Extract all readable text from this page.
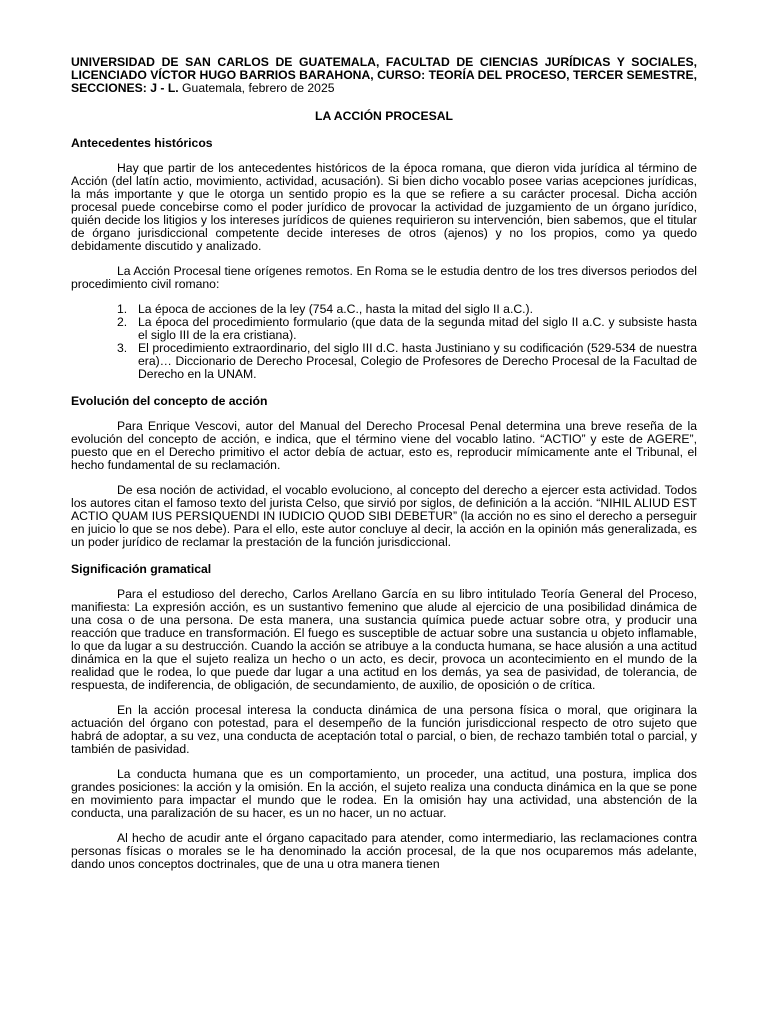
UNIVERSIDAD DE SAN CARLOS DE GUATEMALA, FACULTAD DE CIENCIAS JURÍDICAS Y SOCIALES, LICENCIADO VÍCTOR HUGO BARRIOS BARAHONA, CURSO: TEORÍA DEL PROCESO, TERCER SEMESTRE, SECCIONES: J - L. Guatemala, febrero de 2025
LA ACCIÓN PROCESAL
Antecedentes históricos

Hay que partir de los antecedentes históricos de la época romana, que dieron vida jurídica al término de Acción (del latín actio, movimiento, actividad, acusación). Si bien dicho vocablo posee varias acepciones jurídicas, la más importante y que le otorga un sentido propio es la que se refiere a su carácter procesal. Dicha acción procesal puede concebirse como el poder jurídico de provocar la actividad de juzgamiento de un órgano jurídico, quién decide los litigios y los intereses jurídicos de quienes requirieron su intervención, bien sabemos, que el titular de órgano jurisdiccional competente decide intereses de otros (ajenos) y no los propios, como ya quedo debidamente discutido y analizado.

La Acción Procesal tiene orígenes remotos. En Roma se le estudia dentro de los tres diversos periodos del procedimiento civil romano:

1. La época de acciones de la ley (754 a.C., hasta la mitad del siglo II a.C.).
2. La época del procedimiento formulario (que data de la segunda mitad del siglo II a.C. y subsiste hasta el siglo III de la era cristiana).
3. El procedimiento extraordinario, del siglo III d.C. hasta Justiniano y su codificación (529-534 de nuestra era)… Diccionario de Derecho Procesal, Colegio de Profesores de Derecho Procesal de la Facultad de Derecho en la UNAM.
Evolución del concepto de acción

Para Enrique Vescovi, autor del Manual del Derecho Procesal Penal determina una breve reseña de la evolución del concepto de acción, e indica, que el término viene del vocablo latino. “ACTIO” y este de AGERE”, puesto que en el Derecho primitivo el actor debía de actuar, esto es, reproducir mímicamente ante el Tribunal, el hecho fundamental de su reclamación.

De esa noción de actividad, el vocablo evoluciono, al concepto del derecho a ejercer esta actividad. Todos los autores citan el famoso texto del jurista Celso, que sirvió por siglos, de definición a la acción. “NIHIL ALIUD EST ACTIO QUAM IUS PERSIQUENDI IN IUDICIO QUOD SIBI DEBETUR” (la acción no es sino el derecho a perseguir en juicio lo que se nos debe). Para el ello, este autor concluye al decir, la acción en la opinión más generalizada, es un poder jurídico de reclamar la prestación de la función jurisdiccional.

Significación gramatical

Para el estudioso del derecho, Carlos Arellano García en su libro intitulado Teoría General del Proceso, manifiesta: La expresión acción, es un sustantivo femenino que alude al ejercicio de una posibilidad dinámica de una cosa o de una persona. De esta manera, una sustancia química puede actuar sobre otra, y producir una reacción que traduce en transformación. El fuego es susceptible de actuar sobre una sustancia u objeto inflamable, lo que da lugar a su destrucción. Cuando la acción se atribuye a la conducta humana, se hace alusión a una actitud dinámica en la que el sujeto realiza un hecho o un acto, es decir, provoca un acontecimiento en el mundo de la realidad que le rodea, lo que puede dar lugar a una actitud en los demás, ya sea de pasividad, de tolerancia, de respuesta, de indiferencia, de obligación, de secundamiento, de auxilio, de oposición o de crítica.

En la acción procesal interesa la conducta dinámica de una persona física o moral, que originara la actuación del órgano con potestad, para el desempeño de la función jurisdiccional respecto de otro sujeto que habrá de adoptar, a su vez, una conducta de aceptación total o parcial, o bien, de rechazo también total o parcial, y también de pasividad.

La conducta humana que es un comportamiento, un proceder, una actitud, una postura, implica dos grandes posiciones: la acción y la omisión. En la acción, el sujeto realiza una conducta dinámica en la que se pone en movimiento para impactar el mundo que le rodea. En la omisión hay una actividad, una abstención de la conducta, una paralización de su hacer, es un no hacer, un no actuar.

Al hecho de acudir ante el órgano capacitado para atender, como intermediario, las reclamaciones contra personas físicas o morales se le ha denominado la acción procesal, de la que nos ocuparemos más adelante, dando unos conceptos doctrinales, que de una u otra manera tienen
